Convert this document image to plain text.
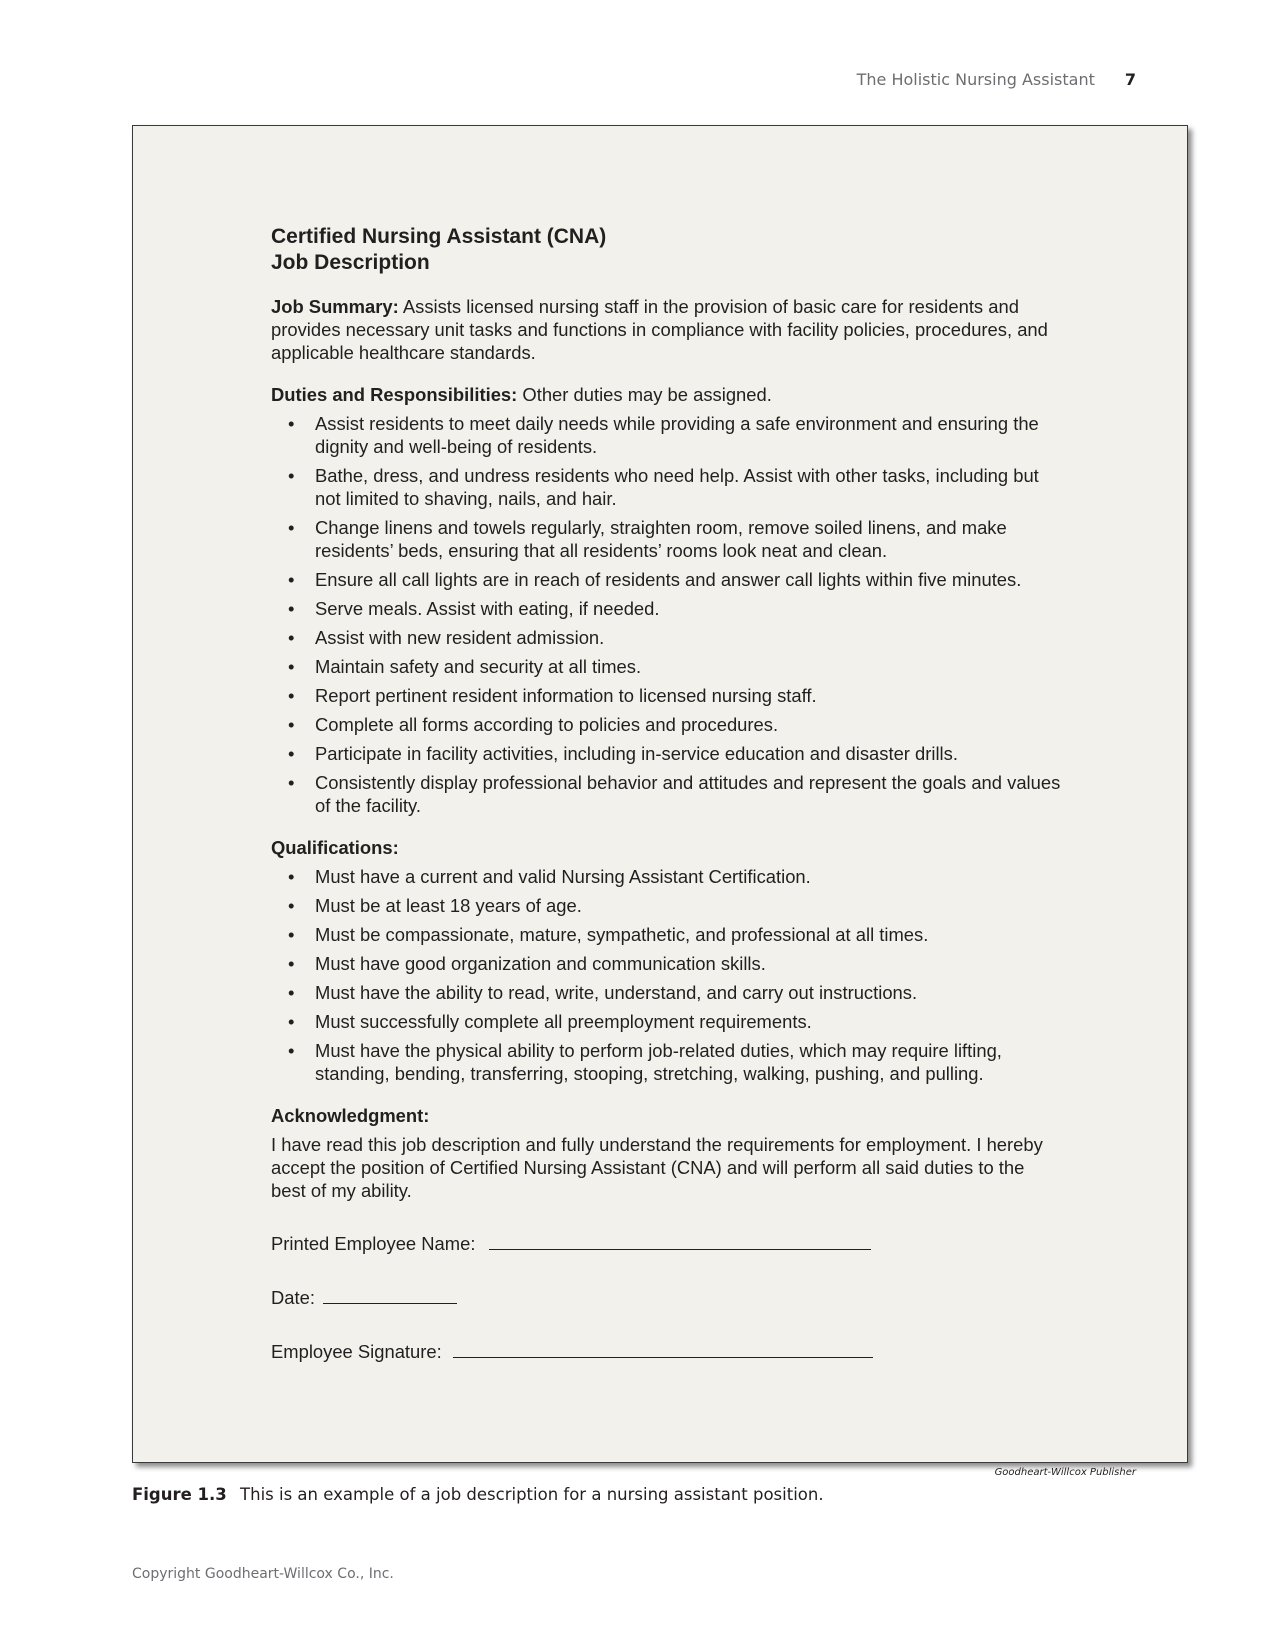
The Holistic Nursing Assistant 7
Certified Nursing Assistant (CNA)
Job Description

Job Summary: Assists licensed nursing staff in the provision of basic care for residents and provides necessary unit tasks and functions in compliance with facility policies, procedures, and applicable healthcare standards.

Duties and Responsibilities: Other duties may be assigned.

• Assist residents to meet daily needs while providing a safe environment and ensuring the dignity and well-being of residents.
• Bathe, dress, and undress residents who need help. Assist with other tasks, including but not limited to shaving, nails, and hair.
• Change linens and towels regularly, straighten room, remove soiled linens, and make residents’ beds, ensuring that all residents’ rooms look neat and clean.
• Ensure all call lights are in reach of residents and answer call lights within five minutes.
• Serve meals. Assist with eating, if needed.
• Assist with new resident admission.
• Maintain safety and security at all times.
• Report pertinent resident information to licensed nursing staff.
• Complete all forms according to policies and procedures.
• Participate in facility activities, including in-service education and disaster drills.
• Consistently display professional behavior and attitudes and represent the goals and values of the facility.

Qualifications:

• Must have a current and valid Nursing Assistant Certification.
• Must be at least 18 years of age.
• Must be compassionate, mature, sympathetic, and professional at all times.
• Must have good organization and communication skills.
• Must have the ability to read, write, understand, and carry out instructions.
• Must successfully complete all preemployment requirements.
• Must have the physical ability to perform job-related duties, which may require lifting, standing, bending, transferring, stooping, stretching, walking, pushing, and pulling.

Acknowledgment:

I have read this job description and fully understand the requirements for employment. I hereby accept the position of Certified Nursing Assistant (CNA) and will perform all said duties to the best of my ability.

Printed Employee Name:

Date:

Employee Signature:

Goodheart-Willcox Publisher
Figure 1.3 This is an example of a job description for a nursing assistant position.
Copyright Goodheart-Willcox Co., Inc.
